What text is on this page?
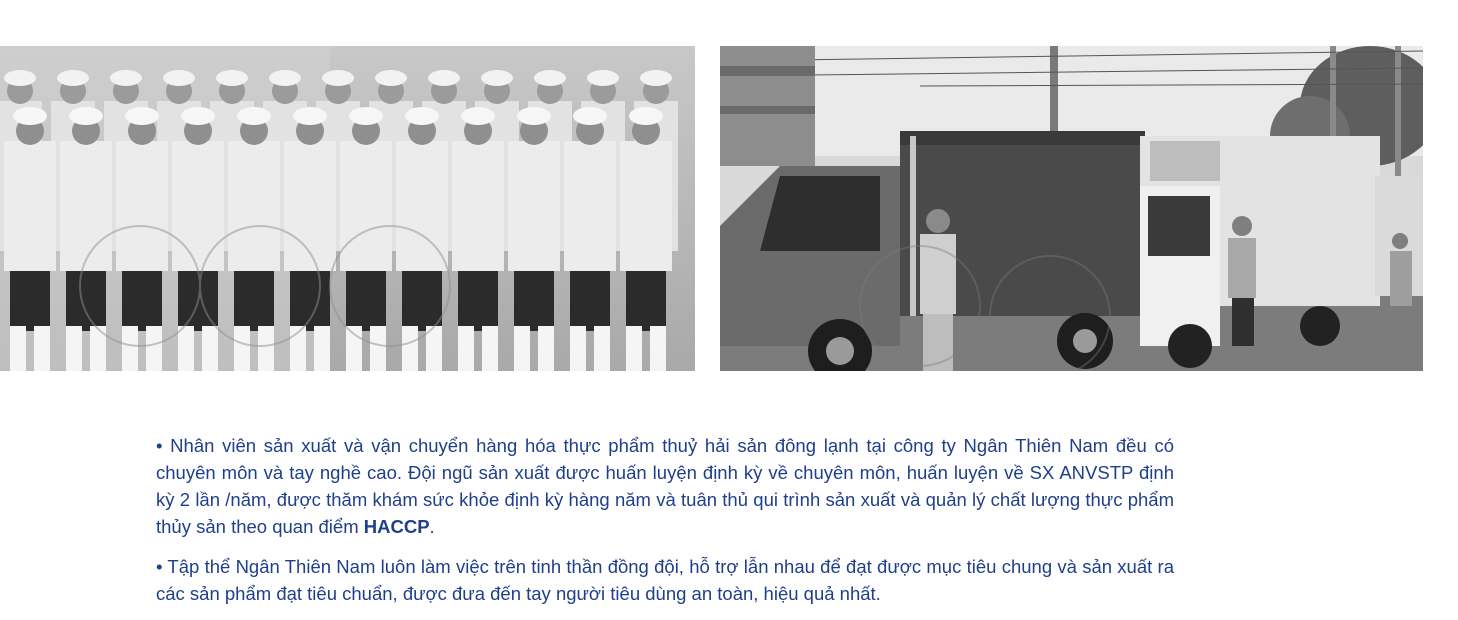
• Nhân viên sản xuất và vận chuyển hàng hóa thực phẩm thuỷ hải sản đông lạnh tại công ty Ngân Thiên Nam đều có chuyên môn và tay nghề cao. Đội ngũ sản xuất được huấn luyện định kỳ về chuyên môn, huấn luyện về SX ANVSTP định kỳ 2 lần /năm, được thăm khám sức khỏe định kỳ hàng năm và tuân thủ qui trình sản xuất và quản lý chất lượng thực phẩm thủy sản theo quan điểm HACCP.

• Tập thể Ngân Thiên Nam luôn làm việc trên tinh thần đồng đội, hỗ trợ lẫn nhau để đạt được mục tiêu chung và sản xuất ra các sản phẩm đạt tiêu chuẩn, được đưa đến tay người tiêu dùng an toàn, hiệu quả nhất.
